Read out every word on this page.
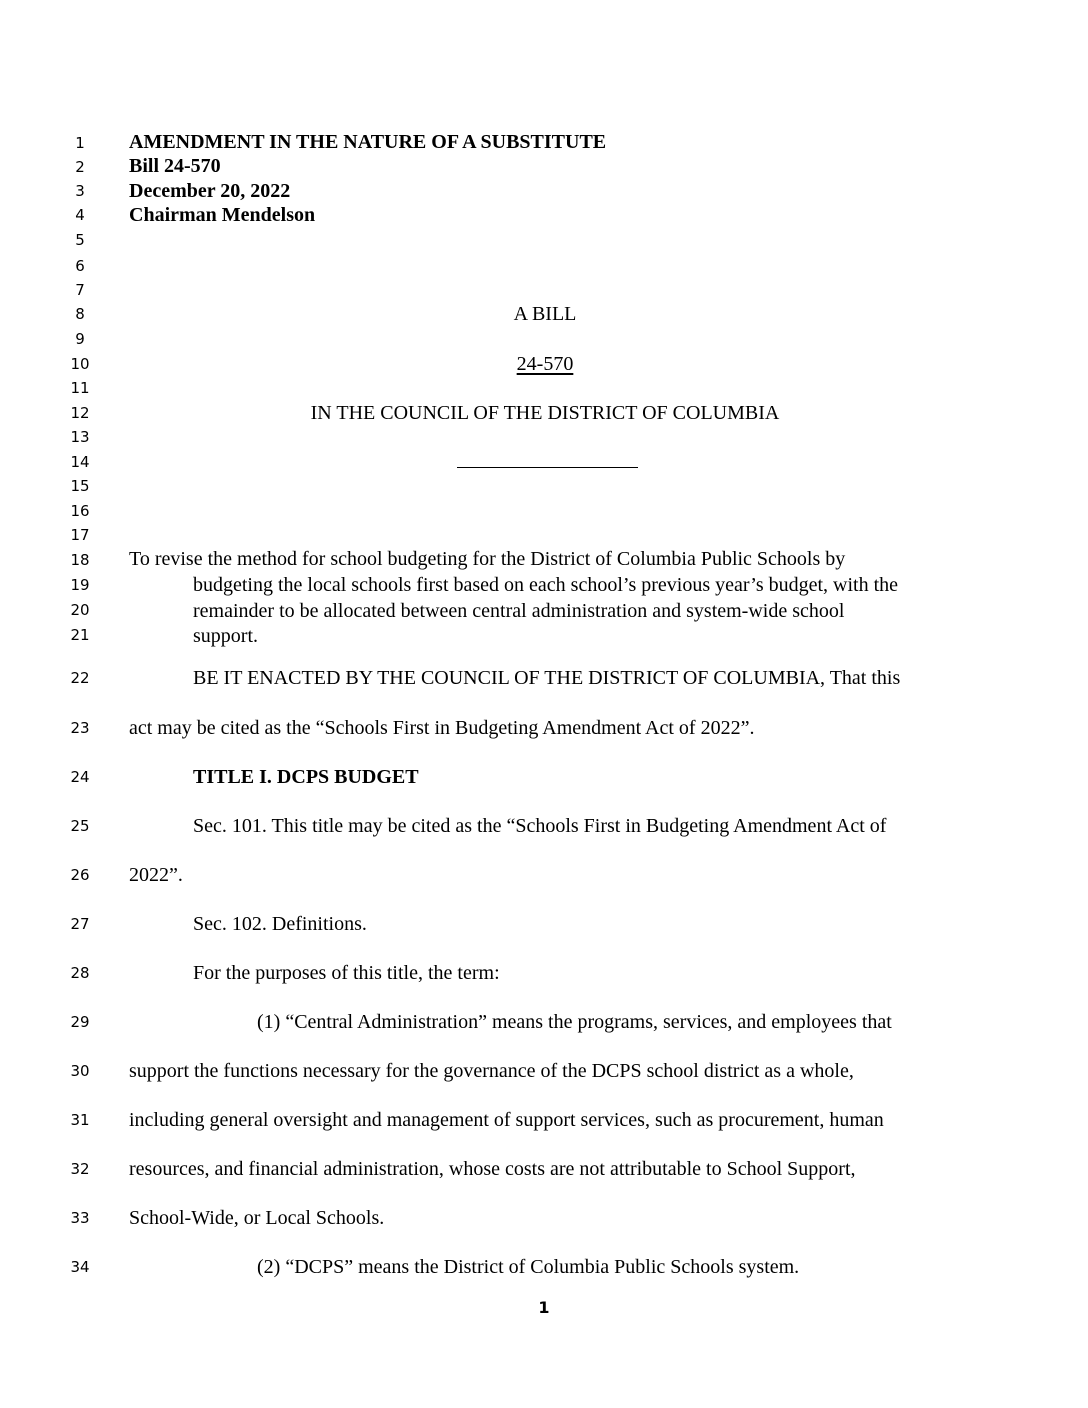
1
2
3
4
5
6
7
8
9
10
11
12
13
14
15
16
17
18
19
20
21
22
23
24
25
26
27
28
29
30
31
32
33
34
AMENDMENT IN THE NATURE OF A SUBSTITUTE
Bill 24-570
December 20, 2022
Chairman Mendelson
A BILL
24-570
IN THE COUNCIL OF THE DISTRICT OF COLUMBIA
To revise the method for school budgeting for the District of Columbia Public Schools by
budgeting the local schools first based on each school’s previous year’s budget, with the
remainder to be allocated between central administration and system-wide school
support.
BE IT ENACTED BY THE COUNCIL OF THE DISTRICT OF COLUMBIA, That this
act may be cited as the “Schools First in Budgeting Amendment Act of 2022”.
TITLE I. DCPS BUDGET
Sec. 101. This title may be cited as the “Schools First in Budgeting Amendment Act of
2022”.
Sec. 102. Definitions.
For the purposes of this title, the term:
(1) “Central Administration” means the programs, services, and employees that
support the functions necessary for the governance of the DCPS school district as a whole,
including general oversight and management of support services, such as procurement, human
resources, and financial administration, whose costs are not attributable to School Support,
School-Wide, or Local Schools.
(2) “DCPS” means the District of Columbia Public Schools system.
1
